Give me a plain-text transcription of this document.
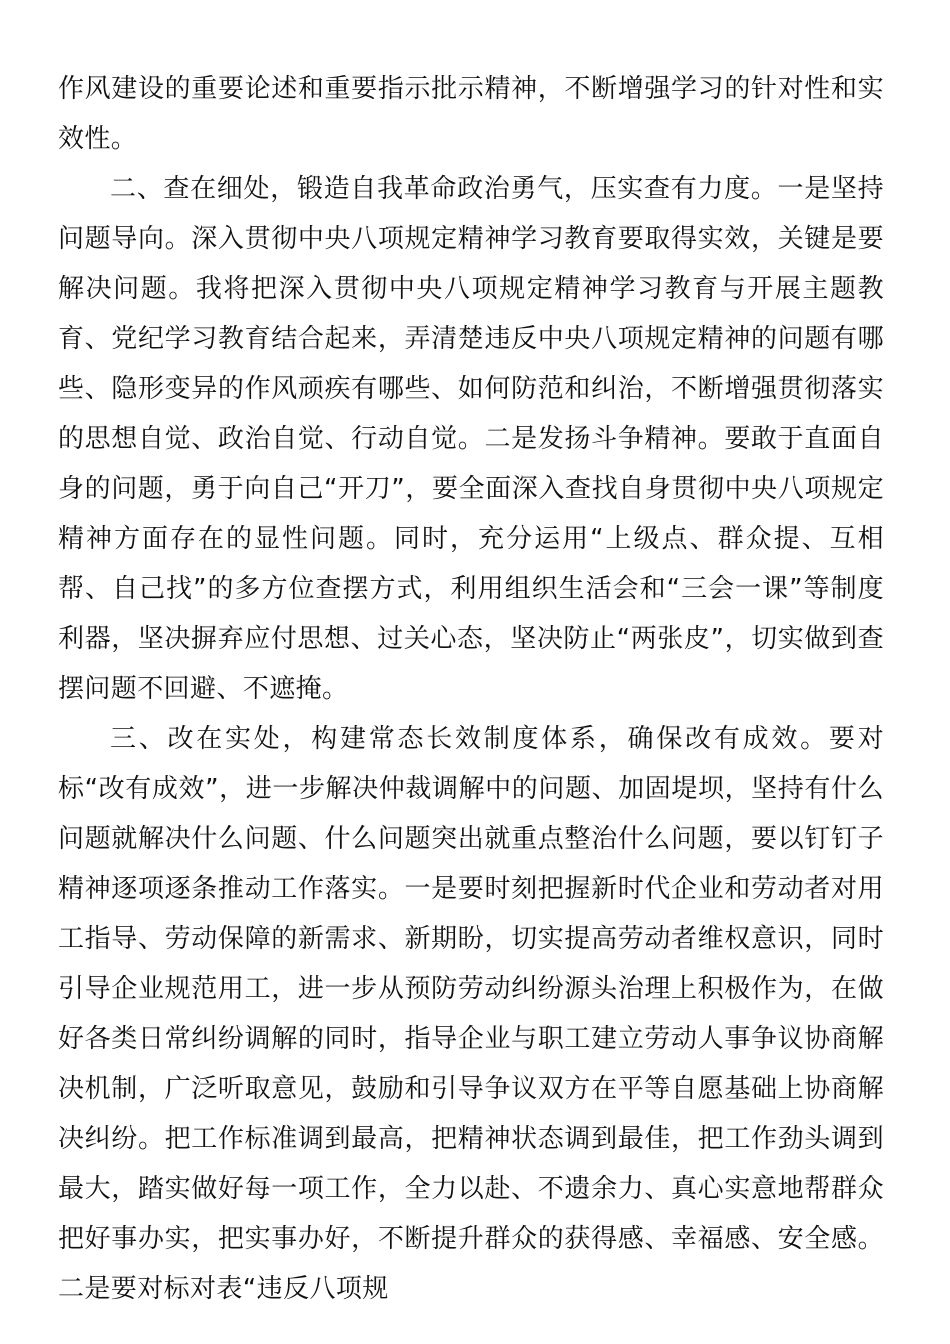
作风建设的重要论述和重要指示批示精神，不断增强学习的针对性和实效性。

二、查在细处，锻造自我革命政治勇气，压实查有力度。一是坚持问题导向。深入贯彻中央八项规定精神学习教育要取得实效，关键是要解决问题。我将把深入贯彻中央八项规定精神学习教育与开展主题教育、党纪学习教育结合起来，弄清楚违反中央八项规定精神的问题有哪些、隐形变异的作风顽疾有哪些、如何防范和纠治，不断增强贯彻落实的思想自觉、政治自觉、行动自觉。二是发扬斗争精神。要敢于直面自身的问题，勇于向自己“开刀”，要全面深入查找自身贯彻中央八项规定精神方面存在的显性问题。同时，充分运用“上级点、群众提、互相帮、自己找”的多方位查摆方式，利用组织生活会和“三会一课”等制度利器，坚决摒弃应付思想、过关心态，坚决防止“两张皮”，切实做到查摆问题不回避、不遮掩。

三、改在实处，构建常态长效制度体系，确保改有成效。要对标“改有成效”，进一步解决仲裁调解中的问题、加固堤坝，坚持有什么问题就解决什么问题、什么问题突出就重点整治什么问题，要以钉钉子精神逐项逐条推动工作落实。一是要时刻把握新时代企业和劳动者对用工指导、劳动保障的新需求、新期盼，切实提高劳动者维权意识，同时引导企业规范用工，进一步从预防劳动纠纷源头治理上积极作为，在做好各类日常纠纷调解的同时，指导企业与职工建立劳动人事争议协商解决机制，广泛听取意见，鼓励和引导争议双方在平等自愿基础上协商解决纠纷。把工作标准调到最高，把精神状态调到最佳，把工作劲头调到最大，踏实做好每一项工作，全力以赴、不遗余力、真心实意地帮群众把好事办实，把实事办好，不断提升群众的获得感、幸福感、安全感。二是要对标对表“违反八项规
